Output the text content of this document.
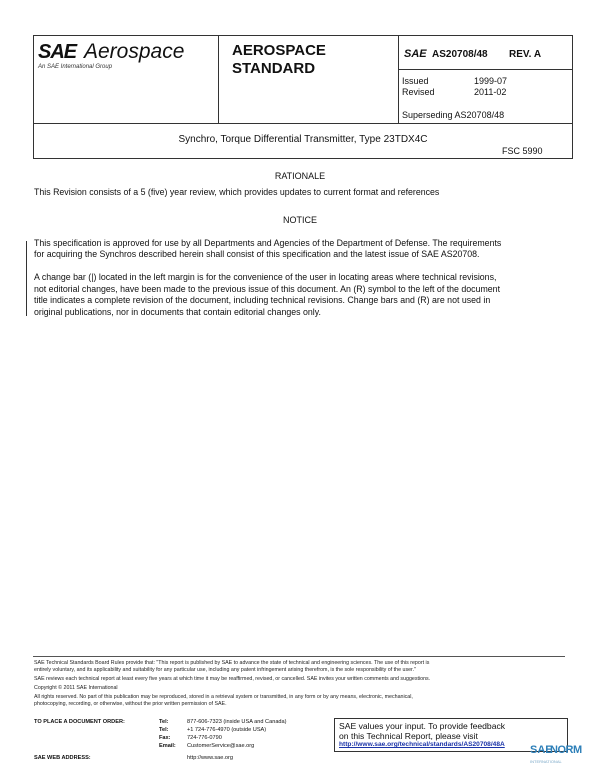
SAE Aerospace
An SAE International Group
AEROSPACE STANDARD
SAE AS20708/48 REV. A
Issued	1999-07
Revised	2011-02
Superseding AS20708/48
Synchro, Torque Differential Transmitter, Type 23TDX4C
FSC 5990
RATIONALE
This Revision consists of a 5 (five) year review, which provides updates to current format and references
NOTICE
This specification is approved for use by all Departments and Agencies of the Department of Defense. The requirements
for acquiring the Synchros described herein shall consist of this specification and the latest issue of SAE AS20708.
A change bar (|) located in the left margin is for the convenience of the user in locating areas where technical revisions,
not editorial changes, have been made to the previous issue of this document. An (R) symbol to the left of the document
title indicates a complete revision of the document, including technical revisions. Change bars and (R) are not used in
original publications, nor in documents that contain editorial changes only.
SAE Technical Standards Board Rules provide that: "This report is published by SAE to advance the state of technical and engineering sciences. The use of this report is
entirely voluntary, and its applicability and suitability for any particular use, including any patent infringement arising therefrom, is the sole responsibility of the user."
SAE reviews each technical report at least every five years at which time it may be reaffirmed, revised, or cancelled. SAE invites your written comments and suggestions.
Copyright © 2011 SAE International
All rights reserved. No part of this publication may be reproduced, stored in a retrieval system or transmitted, in any form or by any means, electronic, mechanical,
photocopying, recording, or otherwise, without the prior written permission of SAE.
TO PLACE A DOCUMENT ORDER:	Tel:	877-606-7323 (inside USA and Canada)
Tel:	+1 724-776-4970 (outside USA)
Fax:	724-776-0790
Email: CustomerService@sae.org
SAE WEB ADDRESS:	http://www.sae.org
SAE values your input. To provide feedback
on this Technical Report, please visit
http://www.sae.org/technical/standards/AS20708/48A SAE
NORM
INTERNATIONAL
